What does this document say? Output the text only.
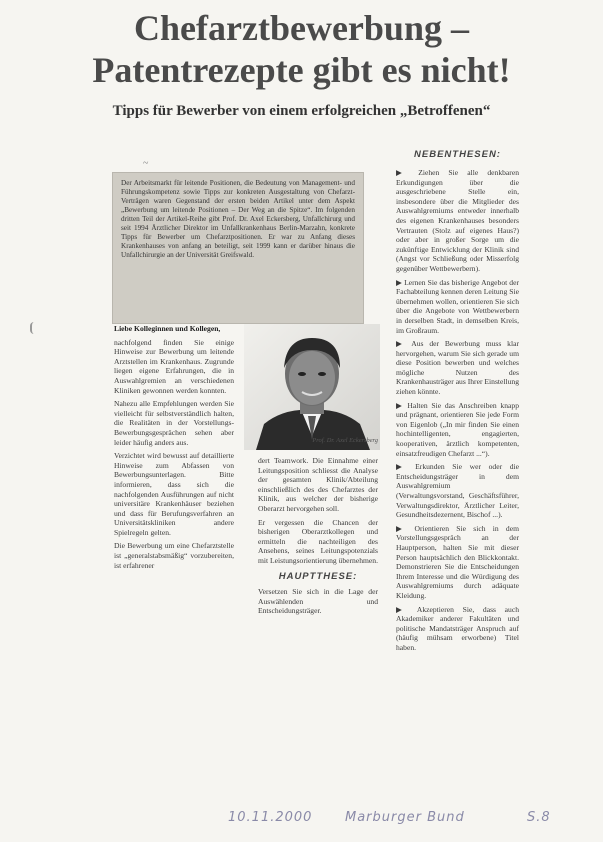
Chefarztbewerbung –
Patentrezepte gibt es nicht!
Tipps für Bewerber von einem erfolgreichen „Betroffenen“
~
Der Arbeitsmarkt für leitende Positionen, die Bedeutung von Management- und Führungskompetenz sowie Tipps zur konkreten Ausgestaltung von Chefarzt-Verträgen waren Gegenstand der ersten beiden Artikel unter dem Aspekt „Bewerbung um leitende Positionen – Der Weg an die Spitze“. Im folgenden dritten Teil der Artikel-Reihe gibt Prof. Dr. Axel Eckersberg, Unfallchirurg und seit 1994 Ärztlicher Direktor im Unfallkrankenhaus Berlin-Marzahn, konkrete Tipps für Bewerber um Chefarztpositionen. Er war zu Anfang dieses Krankenhauses von anfang an beteiligt, seit 1999 kann er darüber hinaus die Unfallchirurgie an der Universität Greifswald.

Liebe Kolleginnen und Kollegen,

nachfolgend finden Sie einige Hinweise zur Bewerbung um leitende Arztstellen im Krankenhaus. Zugrunde liegen eigene Erfahrungen, die in Auswahlgremien an verschiedenen Kliniken gewonnen werden konnten.

Nahezu alle Empfehlungen werden Sie vielleicht für selbstverständlich halten, die Realitäten in der Vorstellungs-Bewerbungsgesprächen sehen aber leider häufig anders aus.

Verzichtet wird bewusst auf detaillierte Hinweise zum Abfassen von Bewerbungsunterlagen. Bitte informieren, dass sich die nachfolgenden Ausführungen auf nicht universitäre Krankenhäuser beziehen und dass für Berufungsverfahren an Universitätskliniken andere Spielregeln gelten.

Die Bewerbung um eine Chefarztstelle ist „generalstabsmäßig“ vorzubereiten, ist erfahrener

Prof. Dr. Axel Eckersberg

dert Teamwork. Die Einnahme einer Leitungsposition schliesst die Analyse der gesamten Klinik/Abteilung einschließlich des des Chefarztes der Klinik, aus welcher der bisherige Oberarzt hervorgehen soll.

Er vergessen die Chancen der bisherigen Oberarztkollegen und ermitteln die nachteiligen des Ansehens, seines Leitungspotenzials mit Leistungsorientierung übernehmen.

HAUPTTHESE:

Versetzen Sie sich in die Lage der Auswählenden und Entscheidungsträger.

NEBENTHESEN:

▶ Ziehen Sie alle denkbaren Erkundigungen über die ausgeschriebene Stelle ein, insbesondere über die Mitglieder des Auswahlgremiums entweder innerhalb des eigenen Krankenhauses besonders Vertrauten (Stolz auf eigenes Haus?) oder aber in großer Sorge um die zukünftige Entwicklung der Klinik sind (Angst vor Schließung oder Misserfolg gegenüber Wettbewerbern).

▶ Lernen Sie das bisherige Angebot der Fachabteilung kennen deren Leitung Sie übernehmen wollen, orientieren Sie sich über die Angebote von Wettbewerbern in derselben Stadt, in demselben Kreis, im Großraum.

▶ Aus der Bewerbung muss klar hervorgehen, warum Sie sich gerade um diese Position bewerben und welches mögliche Nutzen des Krankenhausträger aus Ihrer Einstellung ziehen könnte.

▶ Halten Sie das Anschreiben knapp und prägnant, orientieren Sie jede Form von Eigenlob („In mir finden Sie einen hochintelligenten, engagierten, kooperativen, ärztlich kompetenten, einsatzfreudigen Chefarzt ...“).

▶ Erkunden Sie wer oder die Entscheidungsträger in dem Auswahlgremium (Verwaltungsvorstand, Geschäftsführer, Verwaltungsdirektor, Ärztlicher Leiter, Gesundheitsdezernent, Bischof ...).

▶ Orientieren Sie sich in dem Vorstellungsgespräch an der Hauptperson, halten Sie mit dieser Person hauptsächlich den Blickkontakt. Demonstrieren Sie die Entscheidungen Ihrem Interesse und die Würdigung des Auswahlgremiums durch adäquate Kleidung.

▶ Akzeptieren Sie, dass auch Akademiker anderer Fakultäten und politische Mandatsträger Anspruch auf (häufig mühsam erworbene) Titel haben.

10.11.2000	Marburger Bund	S.8
